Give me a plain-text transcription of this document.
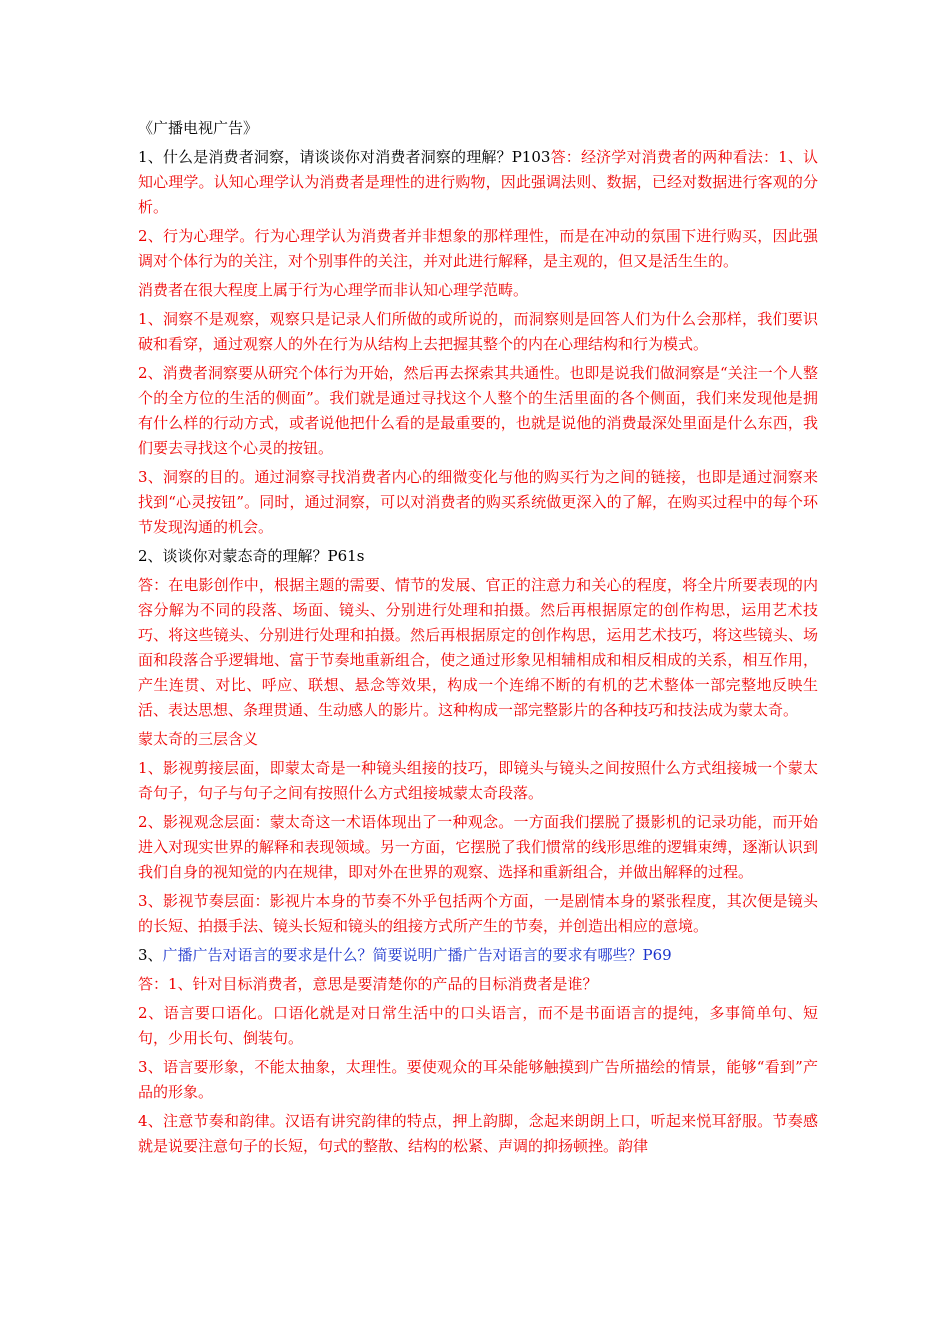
《广播电视广告》

1、什么是消费者洞察，请谈谈你对消费者洞察的理解？P103答：经济学对消费者的两种看法：1、认知心理学。认知心理学认为消费者是理性的进行购物，因此强调法则、数据，已经对数据进行客观的分析。

2、行为心理学。行为心理学认为消费者并非想象的那样理性，而是在冲动的氛围下进行购买，因此强调对个体行为的关注，对个别事件的关注，并对此进行解释，是主观的，但又是活生生的。

消费者在很大程度上属于行为心理学而非认知心理学范畴。

1、洞察不是观察，观察只是记录人们所做的或所说的，而洞察则是回答人们为什么会那样，我们要识破和看穿，通过观察人的外在行为从结构上去把握其整个的内在心理结构和行为模式。

2、消费者洞察要从研究个体行为开始，然后再去探索其共通性。也即是说我们做洞察是“关注一个人整个的全方位的生活的侧面”。我们就是通过寻找这个人整个的生活里面的各个侧面，我们来发现他是拥有什么样的行动方式，或者说他把什么看的是最重要的，也就是说他的消费最深处里面是什么东西，我们要去寻找这个心灵的按钮。

3、洞察的目的。通过洞察寻找消费者内心的细微变化与他的购买行为之间的链接，也即是通过洞察来找到“心灵按钮”。同时，通过洞察，可以对消费者的购买系统做更深入的了解，在购买过程中的每个环节发现沟通的机会。

2、谈谈你对蒙态奇的理解？P61s

答：在电影创作中，根据主题的需要、情节的发展、官正的注意力和关心的程度，将全片所要表现的内容分解为不同的段落、场面、镜头、分别进行处理和拍摄。然后再根据原定的创作构思，运用艺术技巧、将这些镜头、分别进行处理和拍摄。然后再根据原定的创作构思，运用艺术技巧，将这些镜头、场面和段落合乎逻辑地、富于节奏地重新组合，使之通过形象见相辅相成和相反相成的关系，相互作用，产生连贯、对比、呼应、联想、悬念等效果，构成一个连绵不断的有机的艺术整体一部完整地反映生活、表达思想、条理贯通、生动感人的影片。这种构成一部完整影片的各种技巧和技法成为蒙太奇。

蒙太奇的三层含义

1、影视剪接层面，即蒙太奇是一种镜头组接的技巧，即镜头与镜头之间按照什么方式组接城一个蒙太奇句子，句子与句子之间有按照什么方式组接城蒙太奇段落。

2、影视观念层面：蒙太奇这一术语体现出了一种观念。一方面我们摆脱了摄影机的记录功能，而开始进入对现实世界的解释和表现领域。另一方面，它摆脱了我们惯常的线形思维的逻辑束缚，逐渐认识到我们自身的视知觉的内在规律，即对外在世界的观察、选择和重新组合，并做出解释的过程。

3、影视节奏层面：影视片本身的节奏不外乎包括两个方面，一是剧情本身的紧张程度，其次便是镜头的长短、拍摄手法、镜头长短和镜头的组接方式所产生的节奏，并创造出相应的意境。

3、广播广告对语言的要求是什么？简要说明广播广告对语言的要求有哪些？P69

答：1、针对目标消费者，意思是要清楚你的产品的目标消费者是谁？

2、语言要口语化。口语化就是对日常生活中的口头语言，而不是书面语言的提纯，多事简单句、短句，少用长句、倒装句。

3、语言要形象，不能太抽象，太理性。要使观众的耳朵能够触摸到广告所描绘的情景，能够“看到”产品的形象。

4、注意节奏和韵律。汉语有讲究韵律的特点，押上韵脚，念起来朗朗上口，听起来悦耳舒服。节奏感就是说要注意句子的长短，句式的整散、结构的松紧、声调的抑扬顿挫。韵律
